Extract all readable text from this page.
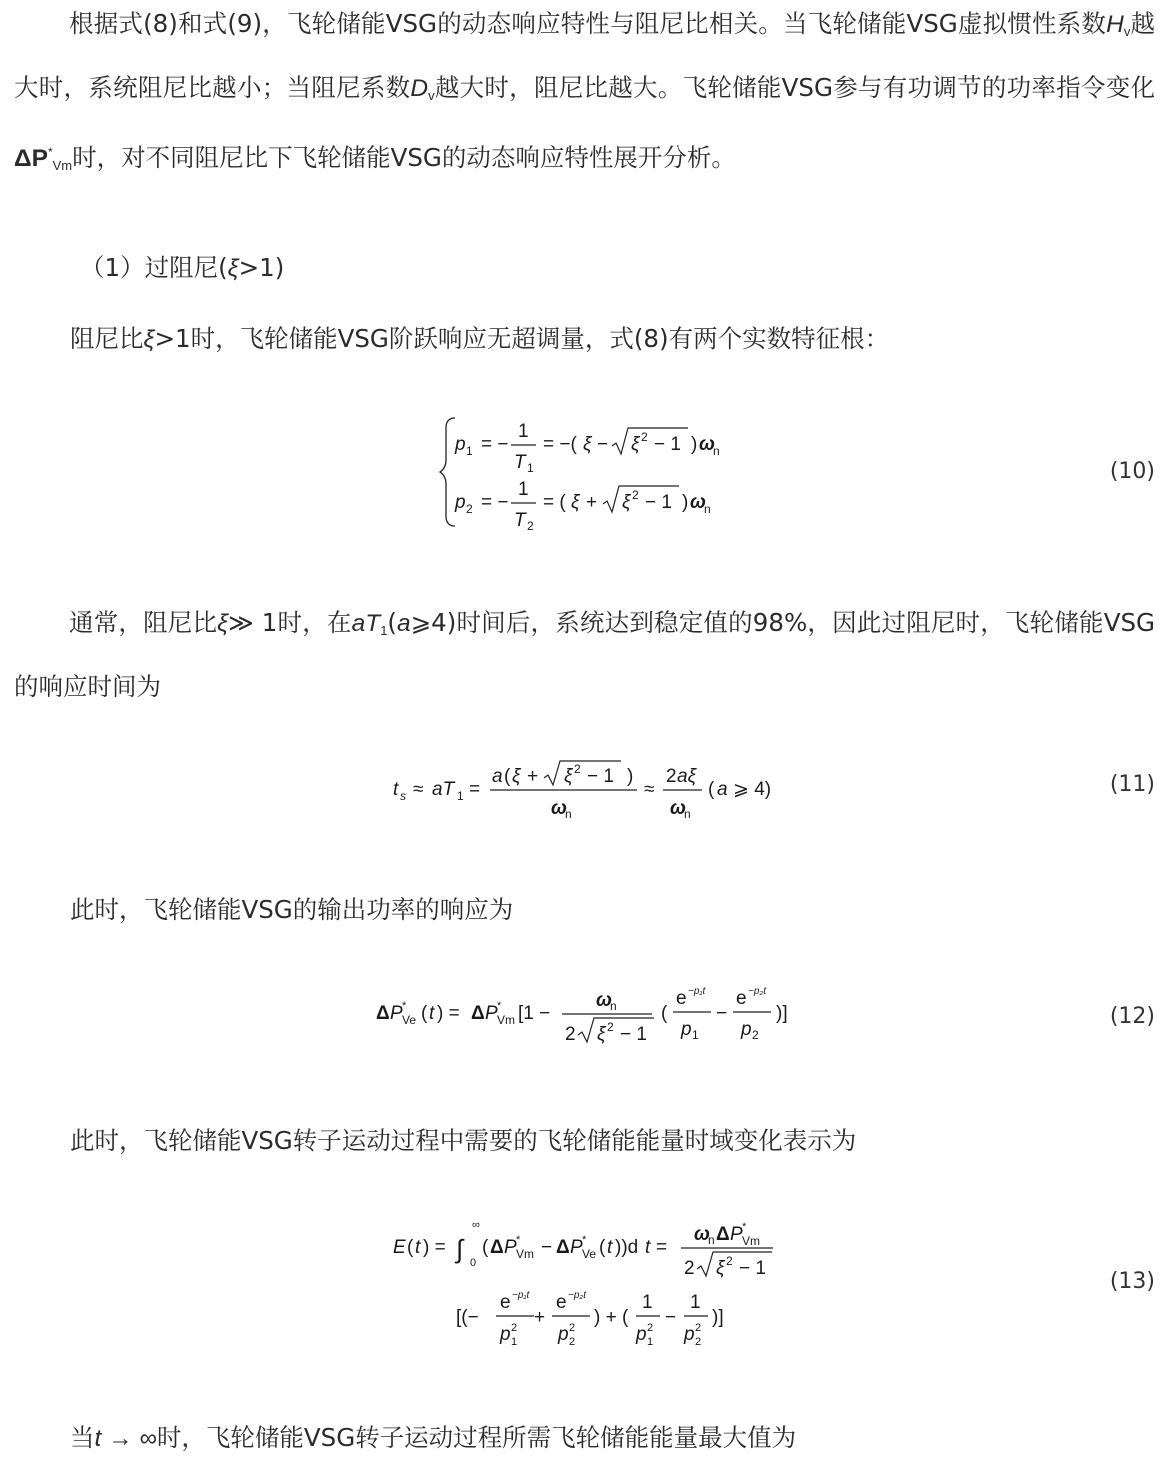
根据式(8)和式(9)，飞轮储能VSG的动态响应特性与阻尼比相关。当飞轮储能VSG虚拟惯性系数$H_v$越大时，系统阻尼比越小；当阻尼系数$D_v$越大时，阻尼比越大。飞轮储能VSG参与有功调节的功率指令变化$\Delta P^*_{Vm}$时，对不同阻尼比下飞轮储能VSG的动态响应特性展开分析。

（1）过阻尼(ξ>1)

阻尼比ξ>1时，飞轮储能VSG阶跃响应无超调量，式(8)有两个实数特征根：

p 1 = −
1
T 1
= −( ξ − ξ 2 − 1 ) ω
n
p 2 = −
1
T 2
= ( ξ + ξ 2 − 1 ) ω
n
(10)

通常，阻尼比ξ≫ 1时，在$aT_1(a⩾4)$时间后，系统达到稳定值的98%，因此过阻尼时，飞轮储能VSG的响应时间为

t s ≈ aT 1 =
a ( ξ + ξ 2 − 1 )
ω
n
≈
2 aξ
ω
n
( a ⩾ 4)	(11)

此时，飞轮储能VSG的输出功率的响应为

Δ P *
Ve ( t ) = Δ P *
Vm [1 −
ω
n
2 ξ 2 − 1
(
e −p₁t
p 1
−
e −p₂t
p 2
)]	(12)

此时，飞轮储能VSG转子运动过程中需要的飞轮储能能量时域变化表示为

E ( t ) = ∫
∞
0
( Δ P *
Vm − Δ P *
Ve ( t ))d t =
ω
n Δ P *
Vm
2 ξ 2 − 1
[(−
e −p₁t
p 2
1
+
e −p₂t
p 2
2
) + (
1
p 2
1
−
1
p 2
2
)]
(13)

当t → ∞时，飞轮储能VSG转子运动过程所需飞轮储能能量最大值为
